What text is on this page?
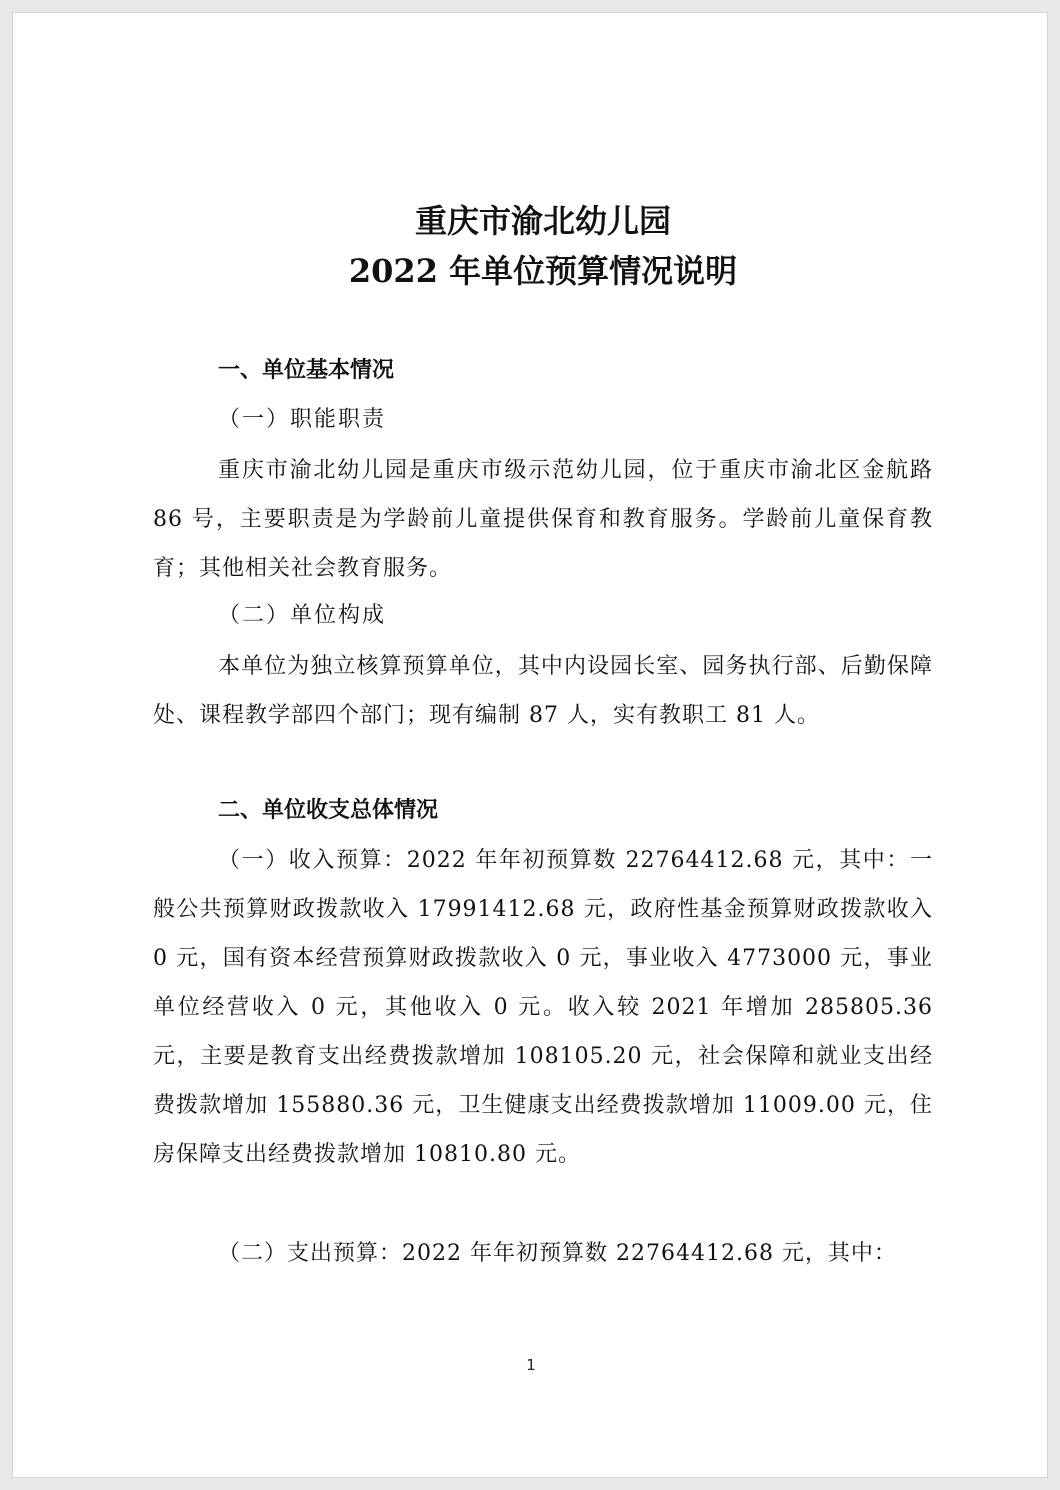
重庆市渝北幼儿园
2022 年单位预算情况说明
一、单位基本情况
（一）职能职责
重庆市渝北幼儿园是重庆市级示范幼儿园，位于重庆市渝北区金航路 86 号，主要职责是为学龄前儿童提供保育和教育服务。学龄前儿童保育教育；其他相关社会教育服务。
（二）单位构成
本单位为独立核算预算单位，其中内设园长室、园务执行部、后勤保障处、课程教学部四个部门；现有编制 87 人，实有教职工 81 人。
二、单位收支总体情况
（一）收入预算：2022 年年初预算数 22764412.68 元，其中：一般公共预算财政拨款收入 17991412.68 元，政府性基金预算财政拨款收入 0 元，国有资本经营预算财政拨款收入 0 元，事业收入 4773000 元，事业单位经营收入 0 元，其他收入 0 元。收入较 2021 年增加 285805.36 元，主要是教育支出经费拨款增加 108105.20 元，社会保障和就业支出经费拨款增加 155880.36 元，卫生健康支出经费拨款增加 11009.00 元，住房保障支出经费拨款增加 10810.80 元。
（二）支出预算：2022 年年初预算数 22764412.68 元，其中：
1
